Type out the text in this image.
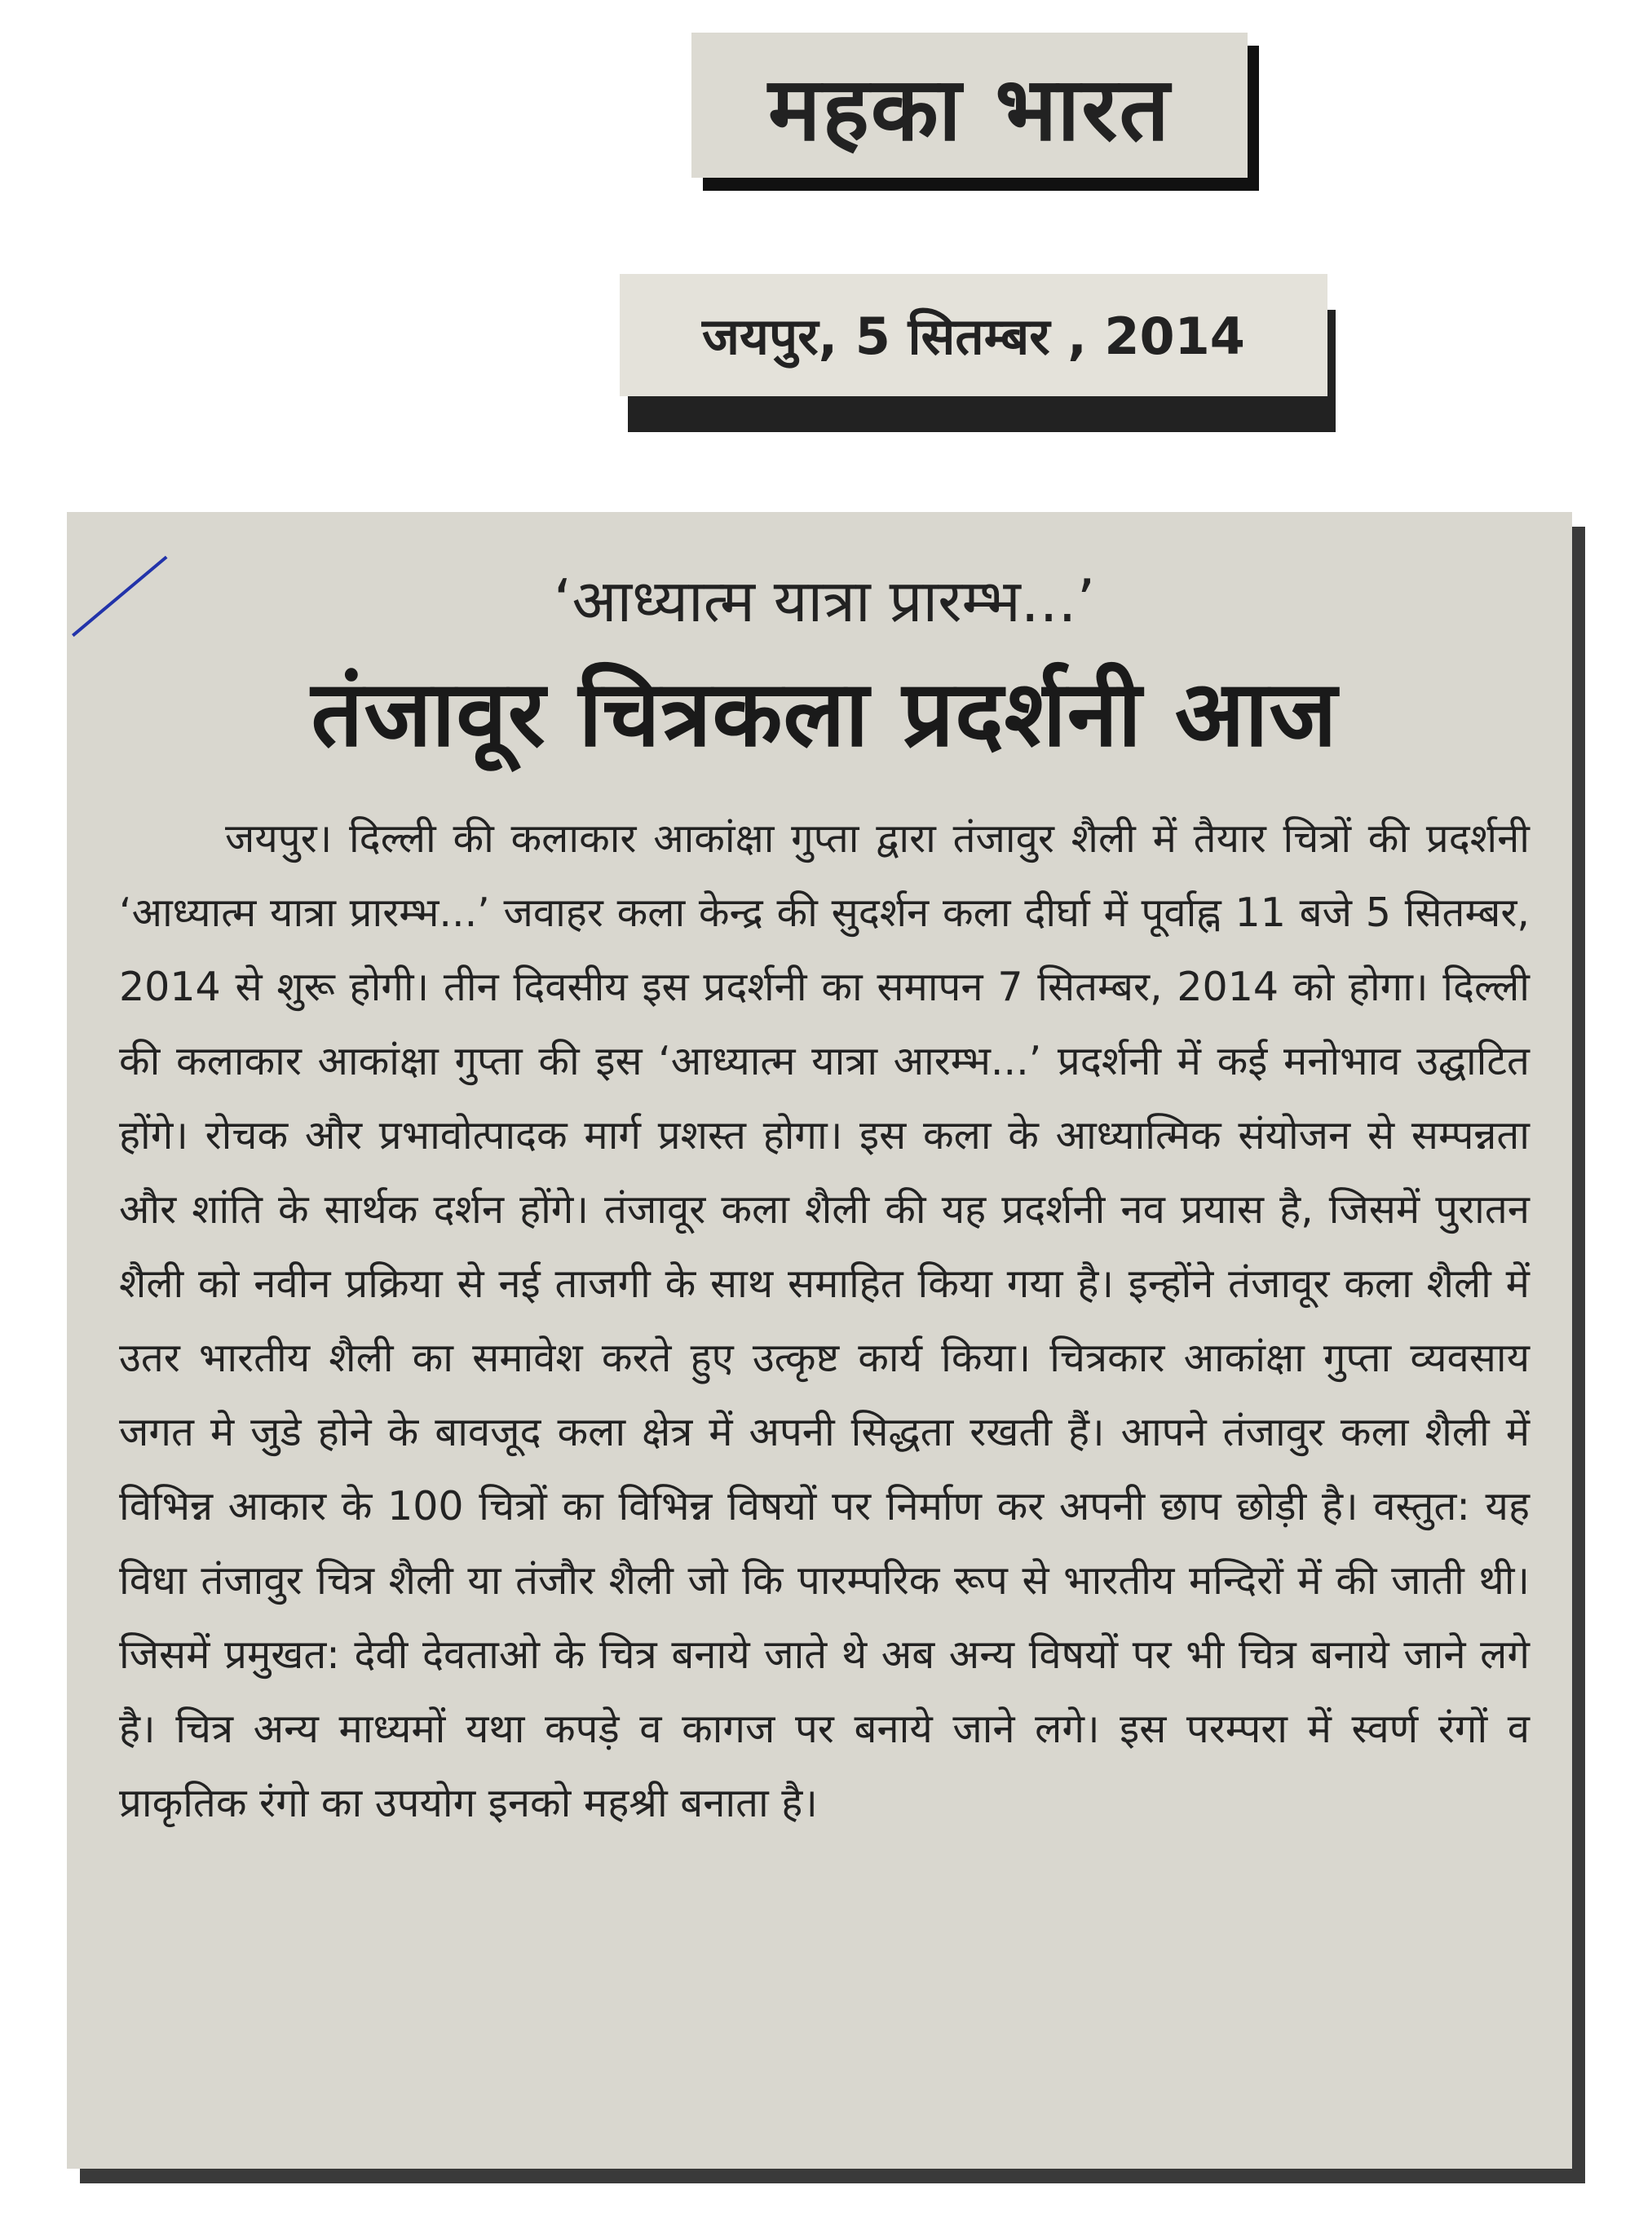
महका भारत
जयपुर, 5 सितम्बर , 2014
‘आध्यात्म यात्रा प्रारम्भ...’
तंजावूर चित्रकला प्रदर्शनी आज

जयपुर। दिल्ली की कलाकार आकांक्षा गुप्ता द्वारा तंजावुर शैली में तैयार चित्रों की प्रदर्शनी ‘आध्यात्म यात्रा प्रारम्भ...’ जवाहर कला केन्द्र की सुदर्शन कला दीर्घा में पूर्वाह्न 11 बजे 5 सितम्बर, 2014 से शुरू होगी। तीन दिवसीय इस प्रदर्शनी का समापन 7 सितम्बर, 2014 को होगा। दिल्ली की कलाकार आकांक्षा गुप्ता की इस ‘आध्यात्म यात्रा आरम्भ...’ प्रदर्शनी में कई मनोभाव उद्घाटित होंगे। रोचक और प्रभावोत्पादक मार्ग प्रशस्त होगा। इस कला के आध्यात्मिक संयोजन से सम्पन्नता और शांति के सार्थक दर्शन होंगे। तंजावूर कला शैली की यह प्रदर्शनी नव प्रयास है, जिसमें पुरातन शैली को नवीन प्रक्रिया से नई ताजगी के साथ समाहित किया गया है। इन्होंने तंजावूर कला शैली में उतर भारतीय शैली का समावेश करते हुए उत्कृष्ट कार्य किया। चित्रकार आकांक्षा गुप्ता व्यवसाय जगत मे जुडे होने के बावजूद कला क्षेत्र में अपनी सिद्धता रखती हैं। आपने तंजावुर कला शैली में विभिन्न आकार के 100 चित्रों का विभिन्न विषयों पर निर्माण कर अपनी छाप छोड़ी है। वस्तुत: यह विधा तंजावुर चित्र शैली या तंजौर शैली जो कि पारम्परिक रूप से भारतीय मन्दिरों में की जाती थी। जिसमें प्रमुखत: देवी देवताओ के चित्र बनाये जाते थे अब अन्य विषयों पर भी चित्र बनाये जाने लगे है। चित्र अन्य माध्यमों यथा कपड़े व कागज पर बनाये जाने लगे। इस परम्परा में स्वर्ण रंगों व प्राकृतिक रंगो का उपयोग इनको महश्री बनाता है।
